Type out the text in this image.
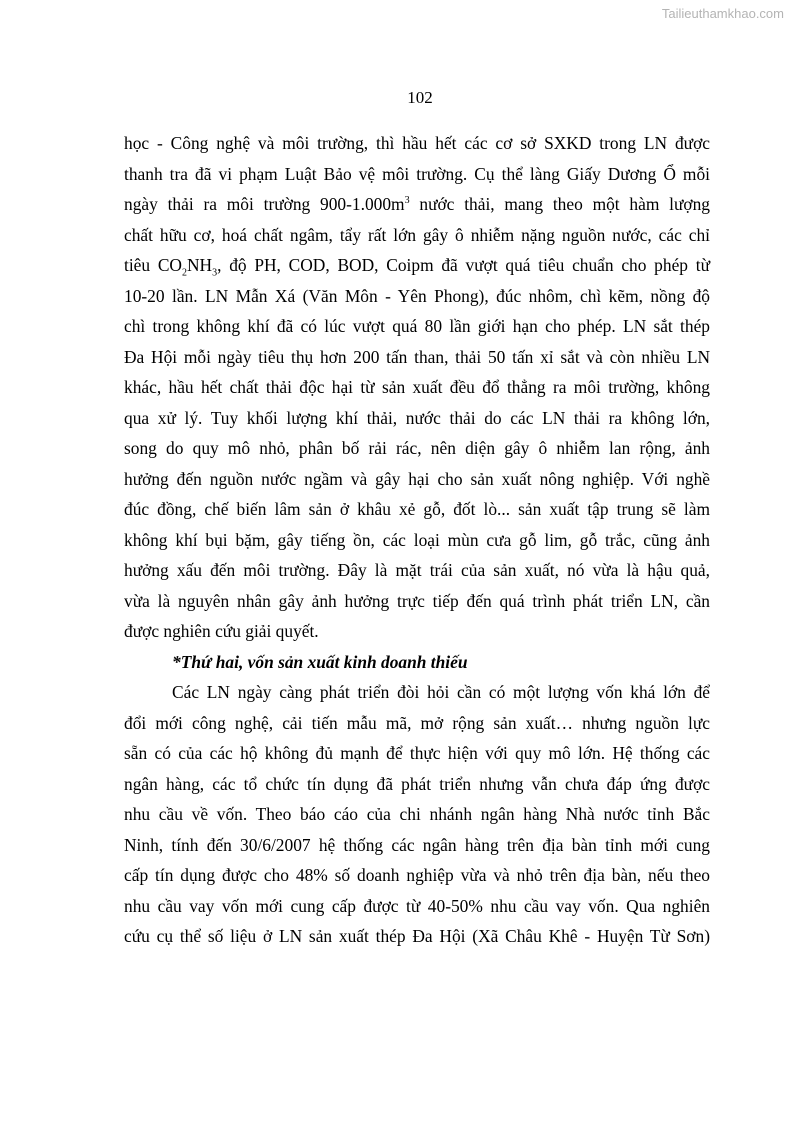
Tailieuthamkhao.com
102
học - Công nghệ và môi trường, thì hầu hết các cơ sở SXKD trong LN được
thanh tra đã vi phạm Luật Bảo vệ môi trường. Cụ thể làng Giấy Dương Ổ mỗi
ngày thải ra môi trường $900-1.000m^3$ nước thải, mang theo một hàm lượng
chất hữu cơ, hoá chất ngâm, tẩy rất lớn gây ô nhiễm nặng nguồn nước, các chỉ
tiêu $CO_2NH_3$, độ PH, COD, BOD, Coipm đã vượt quá tiêu chuẩn cho phép từ
10-20 lần. LN Mẫn Xá (Văn Môn - Yên Phong), đúc nhôm, chì kẽm, nồng độ
chì trong không khí đã có lúc vượt quá 80 lần giới hạn cho phép. LN sắt thép
Đa Hội mỗi ngày tiêu thụ hơn 200 tấn than, thải 50 tấn xỉ sắt và còn nhiều LN
khác, hầu hết chất thải độc hại từ sản xuất đều đổ thẳng ra môi trường, không
qua xử lý. Tuy khối lượng khí thải, nước thải do các LN thải ra không lớn,
song do quy mô nhỏ, phân bố rải rác, nên diện gây ô nhiễm lan rộng, ảnh
hưởng đến nguồn nước ngầm và gây hại cho sản xuất nông nghiệp. Với nghề
đúc đồng, chế biến lâm sản ở khâu xẻ gỗ, đốt lò... sản xuất tập trung sẽ làm
không khí bụi bặm, gây tiếng ồn, các loại mùn cưa gỗ lim, gỗ trắc, cũng ảnh
hưởng xấu đến môi trường. Đây là mặt trái của sản xuất, nó vừa là hậu quả,
vừa là nguyên nhân gây ảnh hưởng trực tiếp đến quá trình phát triển LN, cần
được nghiên cứu giải quyết.
*Thứ hai, vốn sản xuất kinh doanh thiếu
Các LN ngày càng phát triển đòi hỏi cần có một lượng vốn khá lớn để
đổi mới công nghệ, cải tiến mẫu mã, mở rộng sản xuất… nhưng nguồn lực
sẵn có của các hộ không đủ mạnh để thực hiện với quy mô lớn. Hệ thống các
ngân hàng, các tổ chức tín dụng đã phát triển nhưng vẫn chưa đáp ứng được
nhu cầu về vốn. Theo báo cáo của chi nhánh ngân hàng Nhà nước tỉnh Bắc
Ninh, tính đến 30/6/2007 hệ thống các ngân hàng trên địa bàn tỉnh mới cung
cấp tín dụng được cho 48% số doanh nghiệp vừa và nhỏ trên địa bàn, nếu theo
nhu cầu vay vốn mới cung cấp được từ 40-50% nhu cầu vay vốn. Qua nghiên
cứu cụ thể số liệu ở LN sản xuất thép Đa Hội (Xã Châu Khê - Huyện Từ Sơn)
